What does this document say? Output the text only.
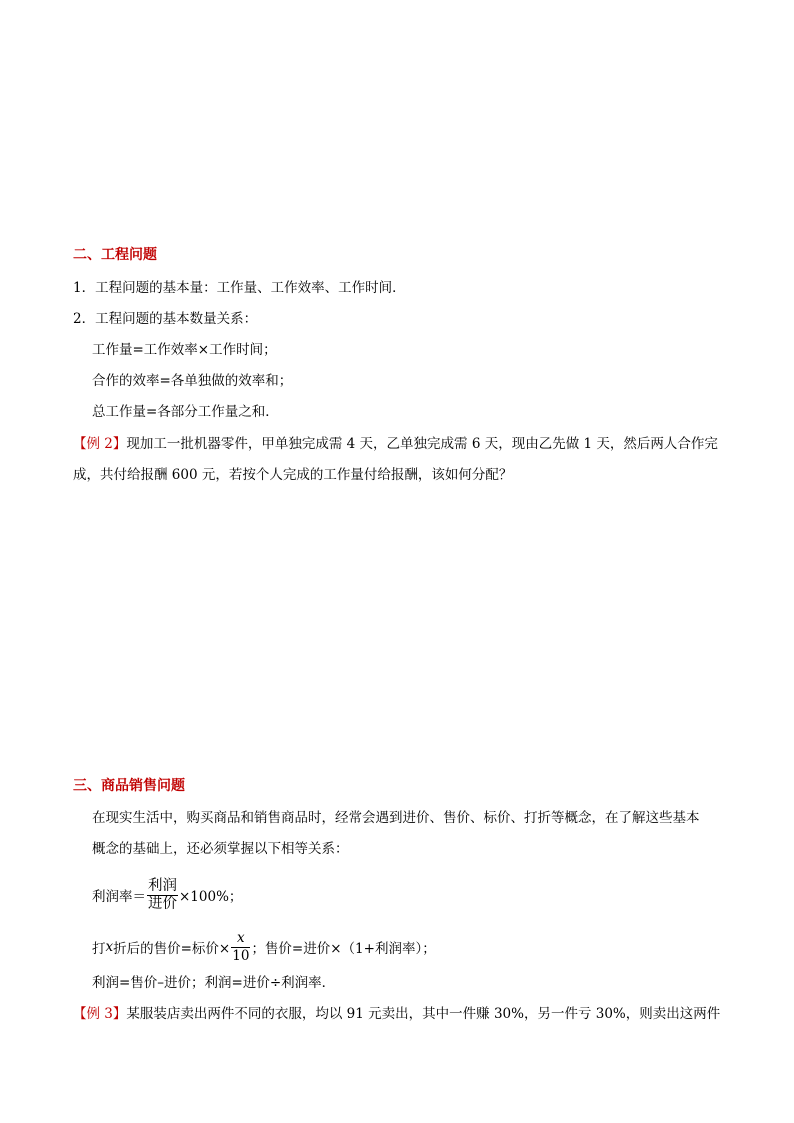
二、工程问题
1．工程问题的基本量：工作量、工作效率、工作时间．
2．工程问题的基本数量关系：
工作量=工作效率×工作时间；
合作的效率=各单独做的效率和；
总工作量=各部分工作量之和．
【例 2】现加工一批机器零件，甲单独完成需 4 天，乙单独完成需 6 天，现由乙先做 1 天，然后两人合作完
成，共付给报酬 600 元，若按个人完成的工作量付给报酬，该如何分配？
三、商品销售问题
在现实生活中，购买商品和销售商品时，经常会遇到进价、售价、标价、打折等概念，在了解这些基本
概念的基础上，还必须掌握以下相等关系：
利润率＝ $\frac{\text{利润}}{\text{进价}} \times 100\%$；
打 x 折后的售价=标价× $\frac{x}{10}$ ；售价=进价×（1+利润率）；
利润=售价–进价；利润=进价÷利润率．
【例 3】某服装店卖出两件不同的衣服，均以 91 元卖出，其中一件赚 30%，另一件亏 30%，则卖出这两件
